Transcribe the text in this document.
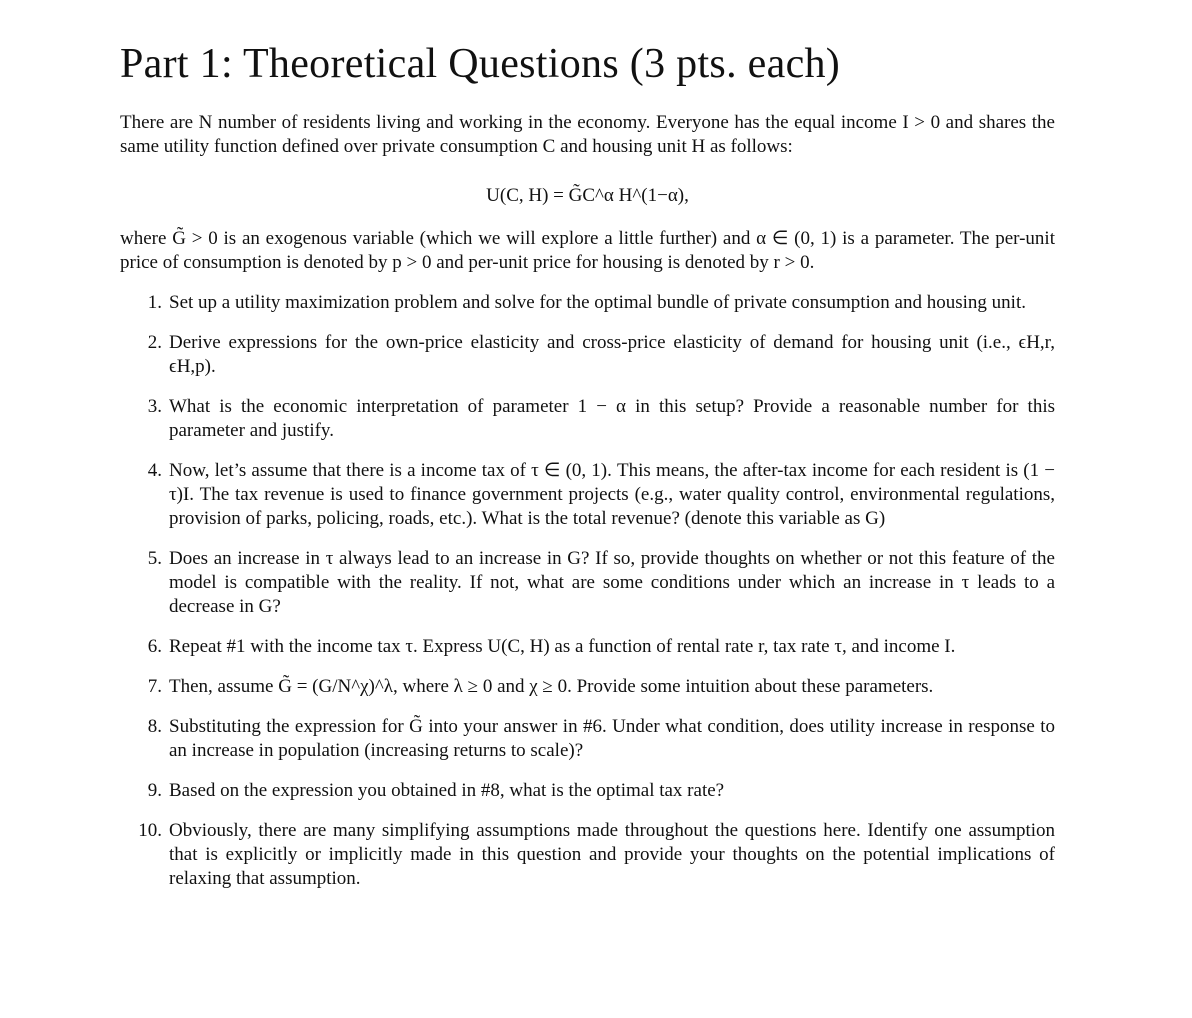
Part 1: Theoretical Questions (3 pts. each)

There are N number of residents living and working in the economy. Everyone has the equal income I > 0 and shares the same utility function defined over private consumption C and housing unit H as follows:

U(C, H) = G̃C^α H^(1−α),

where G̃ > 0 is an exogenous variable (which we will explore a little further) and α ∈ (0, 1) is a parameter. The per-unit price of consumption is denoted by p > 0 and per-unit price for housing is denoted by r > 0.

1. Set up a utility maximization problem and solve for the optimal bundle of private consumption and housing unit.
2. Derive expressions for the own-price elasticity and cross-price elasticity of demand for housing unit (i.e., ϵH,r, ϵH,p).
3. What is the economic interpretation of parameter 1 − α in this setup? Provide a reasonable number for this parameter and justify.
4. Now, let’s assume that there is a income tax of τ ∈ (0, 1). This means, the after-tax income for each resident is (1 − τ)I. The tax revenue is used to finance government projects (e.g., water quality control, environmental regulations, provision of parks, policing, roads, etc.). What is the total revenue? (denote this variable as G)
5. Does an increase in τ always lead to an increase in G? If so, provide thoughts on whether or not this feature of the model is compatible with the reality. If not, what are some conditions under which an increase in τ leads to a decrease in G?
6. Repeat #1 with the income tax τ. Express U(C, H) as a function of rental rate r, tax rate τ, and income I.
7. Then, assume G̃ = (G/N^χ)^λ, where λ ≥ 0 and χ ≥ 0. Provide some intuition about these parameters.
8. Substituting the expression for G̃ into your answer in #6. Under what condition, does utility increase in response to an increase in population (increasing returns to scale)?
9. Based on the expression you obtained in #8, what is the optimal tax rate?
10. Obviously, there are many simplifying assumptions made throughout the questions here. Identify one assumption that is explicitly or implicitly made in this question and provide your thoughts on the potential implications of relaxing that assumption.
